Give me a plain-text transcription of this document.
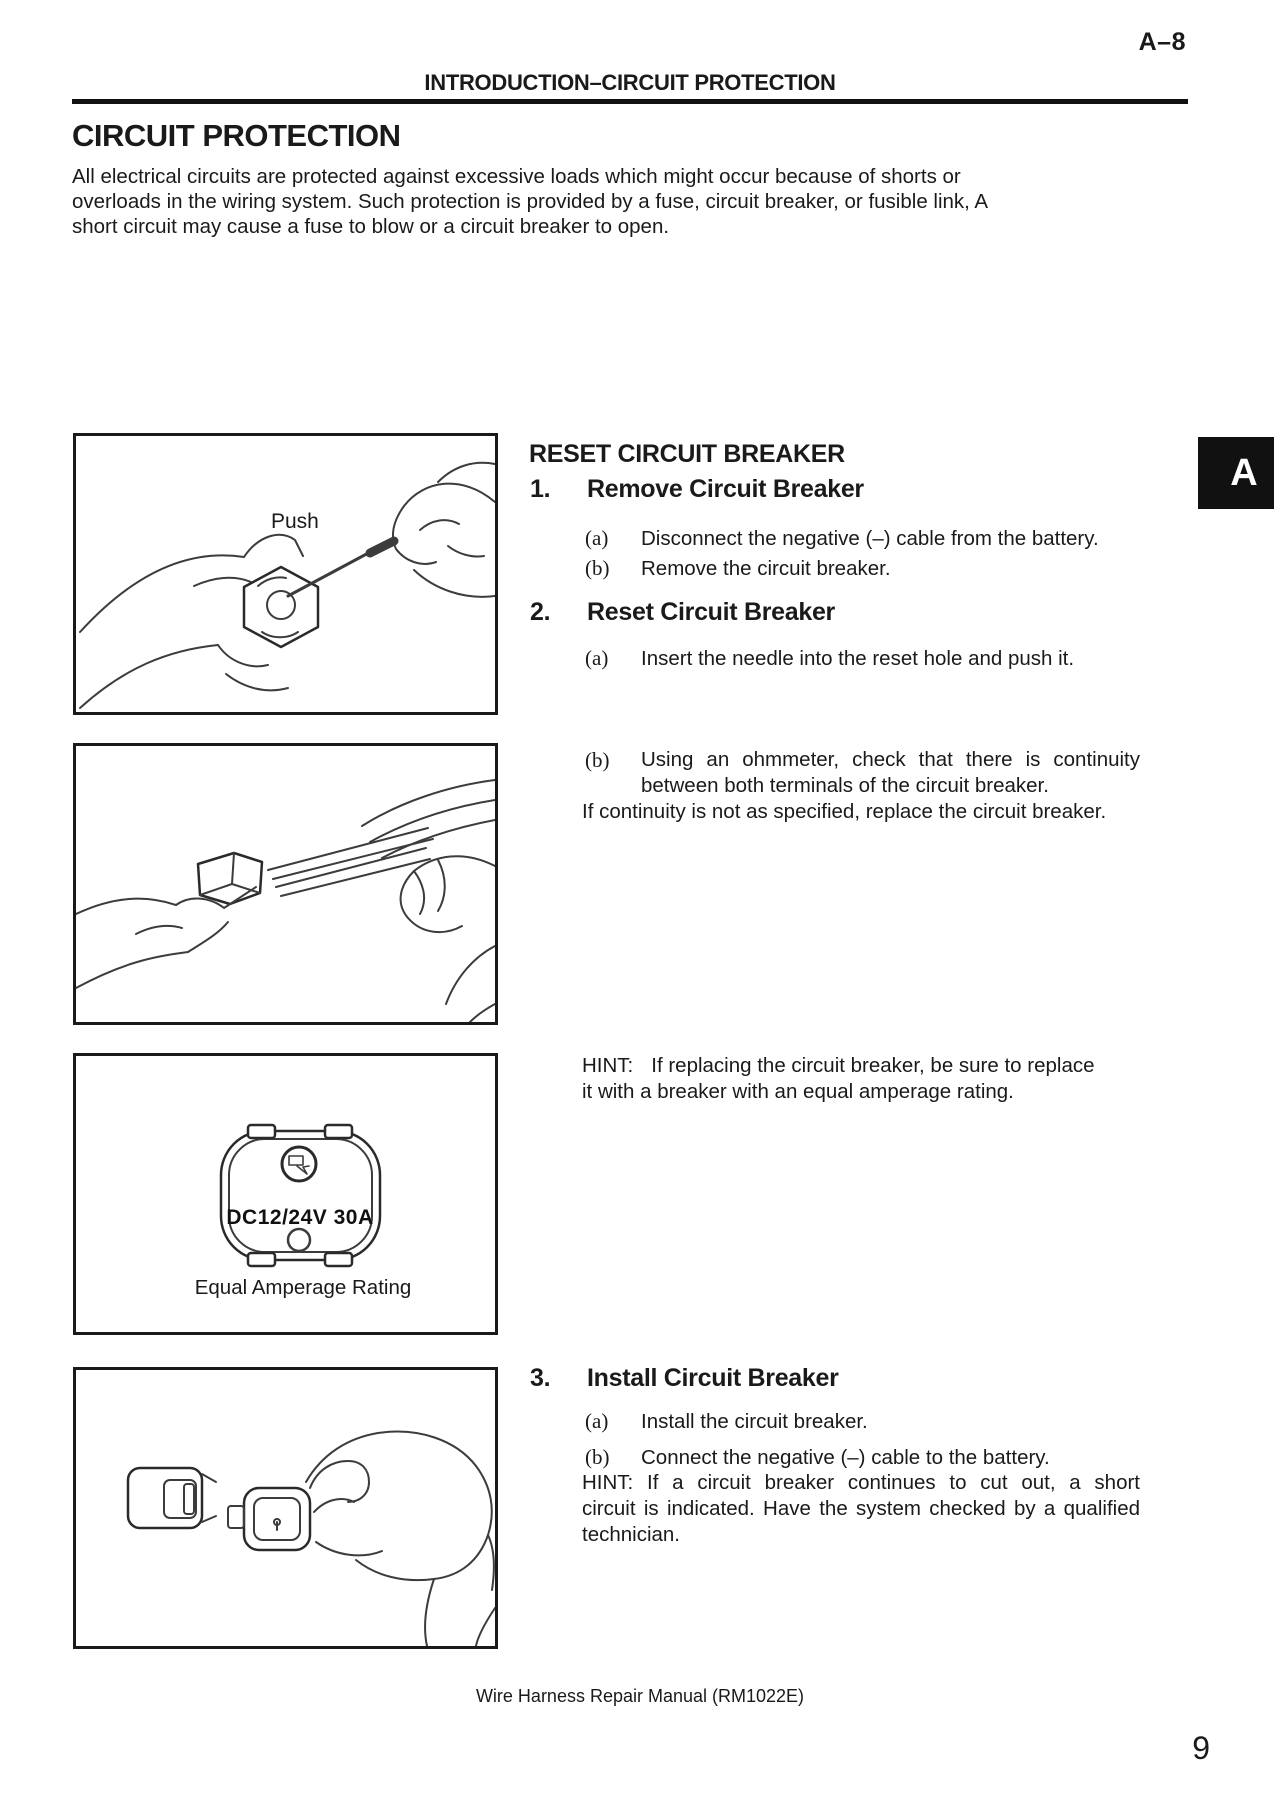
A–8
INTRODUCTION–CIRCUIT PROTECTION
CIRCUIT PROTECTION
All electrical circuits are protected against excessive loads which might occur because of shorts or
overloads in the wiring system. Such protection is provided by a fuse, circuit breaker, or fusible link, A
short circuit may cause a fuse to blow or a circuit breaker to open.
Push
DC12/24V 30A
Equal Amperage Rating
RESET CIRCUIT BREAKER
1. Remove Circuit Breaker
(a) Disconnect the negative (–) cable from the battery.
(b) Remove the circuit breaker.
2. Reset Circuit Breaker
(a) Insert the needle into the reset hole and push it.
(b)	Using an ohmmeter, check that there is continuity
between both terminals of the circuit breaker.
If continuity is not as specified, replace the circuit breaker.
HINT: If replacing the circuit breaker, be sure to replace
it with a breaker with an equal amperage rating.
3. Install Circuit Breaker
(a) Install the circuit breaker.
(b) Connect the negative (–) cable to the battery.
HINT: If a circuit breaker continues to cut out, a short
circuit is indicated. Have the system checked by a qualified
technician.
A
Wire Harness Repair Manual (RM1022E)
9
